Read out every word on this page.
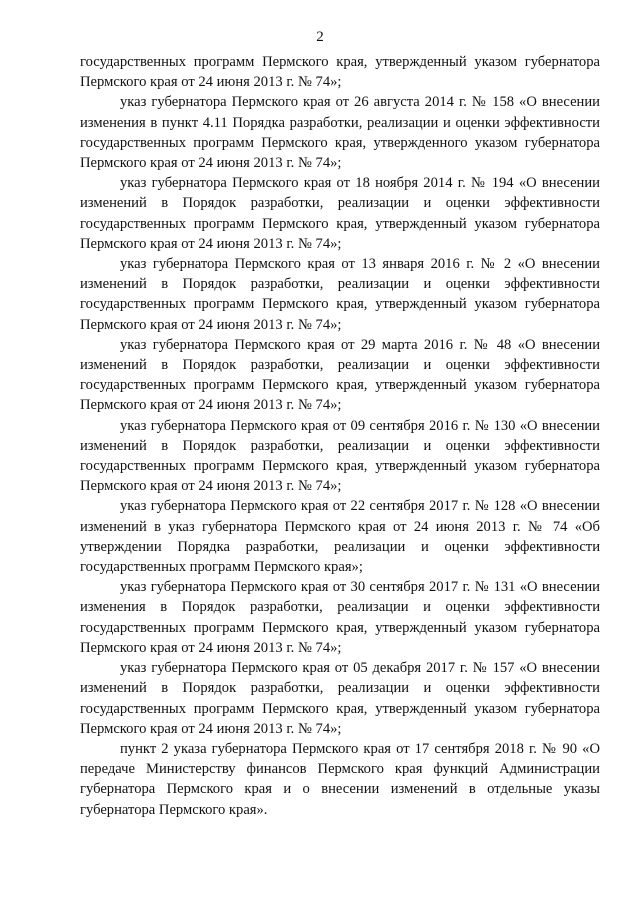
2

государственных программ Пермского края, утвержденный указом губернатора Пермского края от 24 июня 2013 г. № 74»;

указ губернатора Пермского края от 26 августа 2014 г. № 158 «О внесении изменения в пункт 4.11 Порядка разработки, реализации и оценки эффективности государственных программ Пермского края, утвержденного указом губернатора Пермского края от 24 июня 2013 г. № 74»;

указ губернатора Пермского края от 18 ноября 2014 г. № 194 «О внесении изменений в Порядок разработки, реализации и оценки эффективности государственных программ Пермского края, утвержденный указом губернатора Пермского края от 24 июня 2013 г. № 74»;

указ губернатора Пермского края от 13 января 2016 г. № 2 «О внесении изменений в Порядок разработки, реализации и оценки эффективности государственных программ Пермского края, утвержденный указом губернатора Пермского края от 24 июня 2013 г. № 74»;

указ губернатора Пермского края от 29 марта 2016 г. № 48 «О внесении изменений в Порядок разработки, реализации и оценки эффективности государственных программ Пермского края, утвержденный указом губернатора Пермского края от 24 июня 2013 г. № 74»;

указ губернатора Пермского края от 09 сентября 2016 г. № 130 «О внесении изменений в Порядок разработки, реализации и оценки эффективности государственных программ Пермского края, утвержденный указом губернатора Пермского края от 24 июня 2013 г. № 74»;

указ губернатора Пермского края от 22 сентября 2017 г. № 128 «О внесении изменений в указ губернатора Пермского края от 24 июня 2013 г. № 74 «Об утверждении Порядка разработки, реализации и оценки эффективности государственных программ Пермского края»;

указ губернатора Пермского края от 30 сентября 2017 г. № 131 «О внесении изменения в Порядок разработки, реализации и оценки эффективности государственных программ Пермского края, утвержденный указом губернатора Пермского края от 24 июня 2013 г. № 74»;

указ губернатора Пермского края от 05 декабря 2017 г. № 157 «О внесении изменений в Порядок разработки, реализации и оценки эффективности государственных программ Пермского края, утвержденный указом губернатора Пермского края от 24 июня 2013 г. № 74»;

пункт 2 указа губернатора Пермского края от 17 сентября 2018 г. № 90 «О передаче Министерству финансов Пермского края функций Администрации губернатора Пермского края и о внесении изменений в отдельные указы губернатора Пермского края».
